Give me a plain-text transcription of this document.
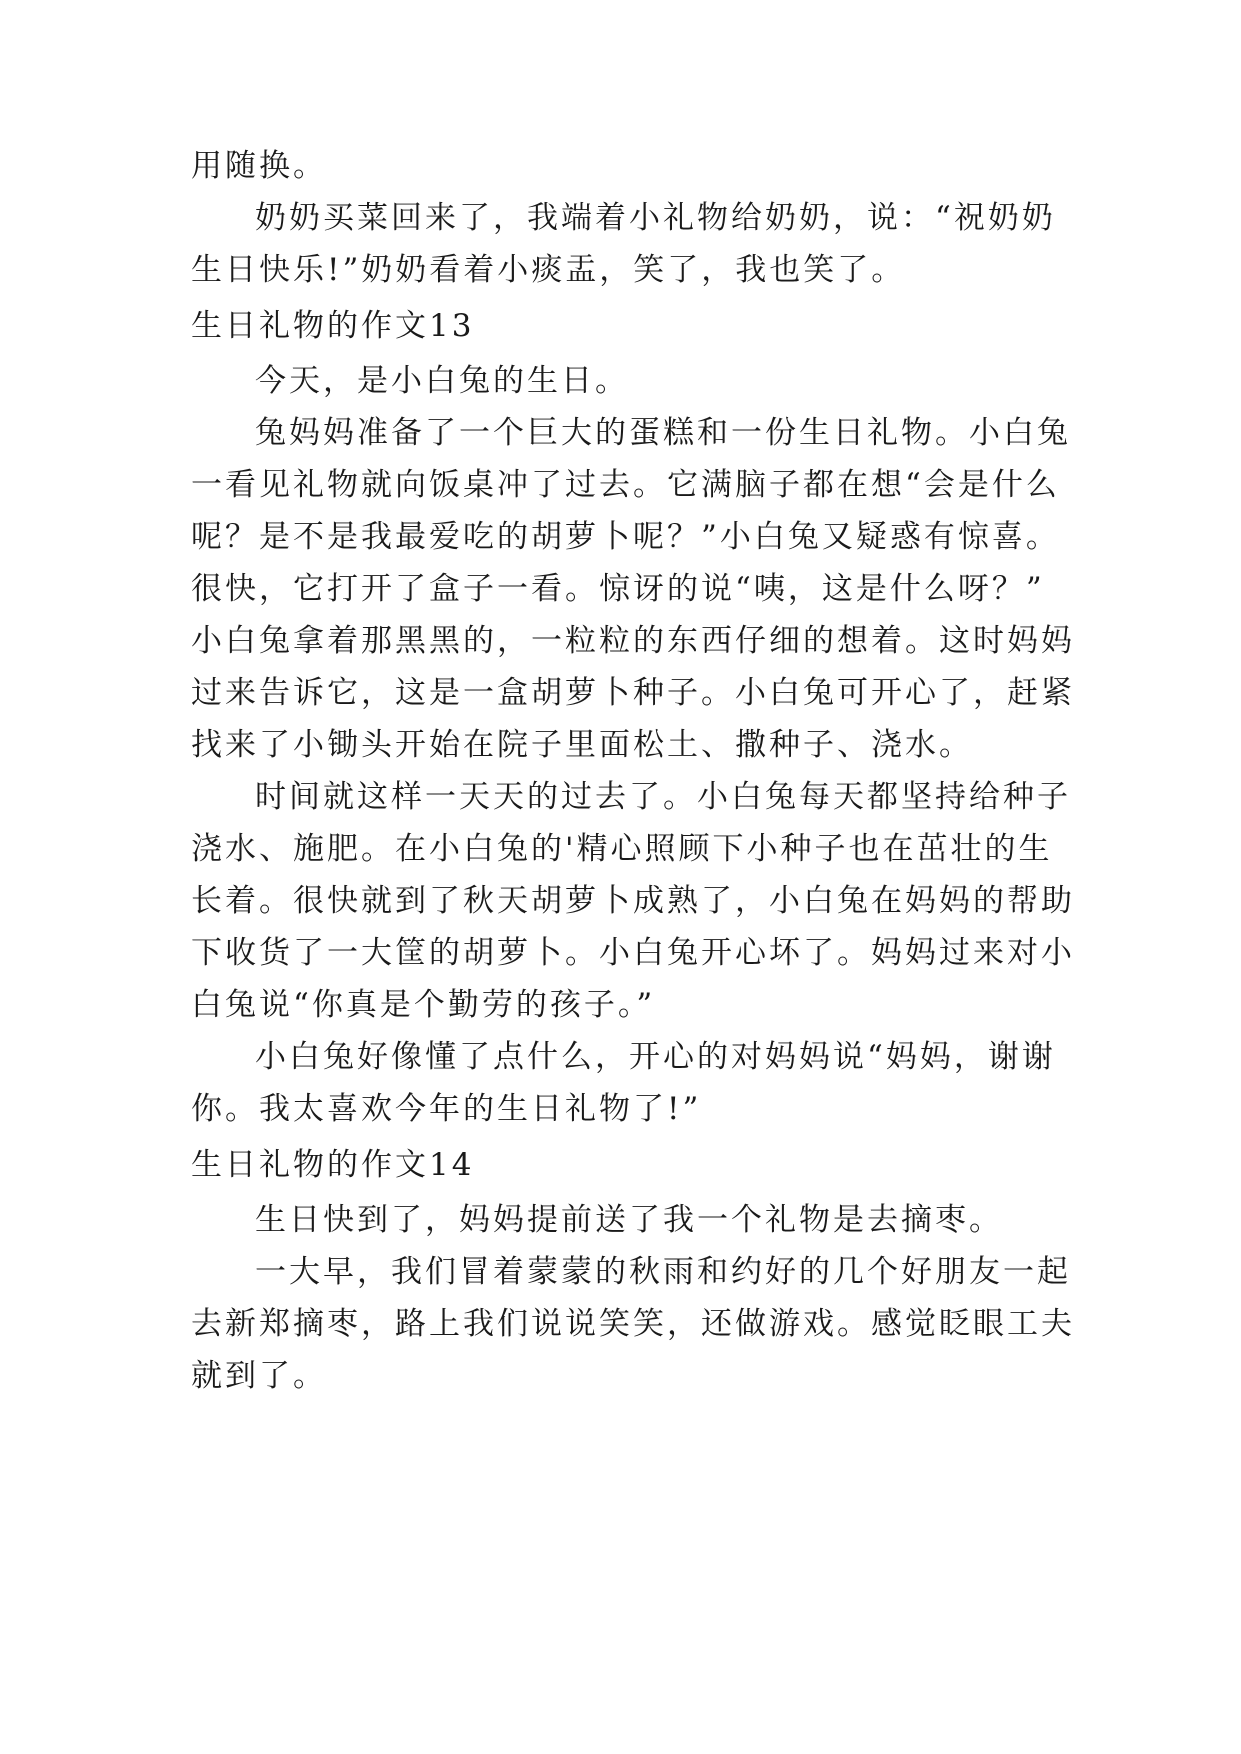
用随换。
奶奶买菜回来了，我端着小礼物给奶奶，说：“祝奶奶
生日快乐!”奶奶看着小痰盂，笑了，我也笑了。
生日礼物的作文13
今天，是小白兔的生日。
兔妈妈准备了一个巨大的蛋糕和一份生日礼物。小白兔
一看见礼物就向饭桌冲了过去。它满脑子都在想“会是什么
呢？是不是我最爱吃的胡萝卜呢？”小白兔又疑惑有惊喜。
很快，它打开了盒子一看。惊讶的说“咦，这是什么呀？”
小白兔拿着那黑黑的，一粒粒的东西仔细的想着。这时妈妈
过来告诉它，这是一盒胡萝卜种子。小白兔可开心了，赶紧
找来了小锄头开始在院子里面松土、撒种子、浇水。
时间就这样一天天的过去了。小白兔每天都坚持给种子
浇水、施肥。在小白兔的'精心照顾下小种子也在茁壮的生
长着。很快就到了秋天胡萝卜成熟了，小白兔在妈妈的帮助
下收货了一大筐的胡萝卜。小白兔开心坏了。妈妈过来对小
白兔说“你真是个勤劳的孩子。”
小白兔好像懂了点什么，开心的对妈妈说“妈妈，谢谢
你。我太喜欢今年的生日礼物了!”
生日礼物的作文14
生日快到了，妈妈提前送了我一个礼物是去摘枣。
一大早，我们冒着蒙蒙的秋雨和约好的几个好朋友一起
去新郑摘枣，路上我们说说笑笑，还做游戏。感觉眨眼工夫
就到了。
